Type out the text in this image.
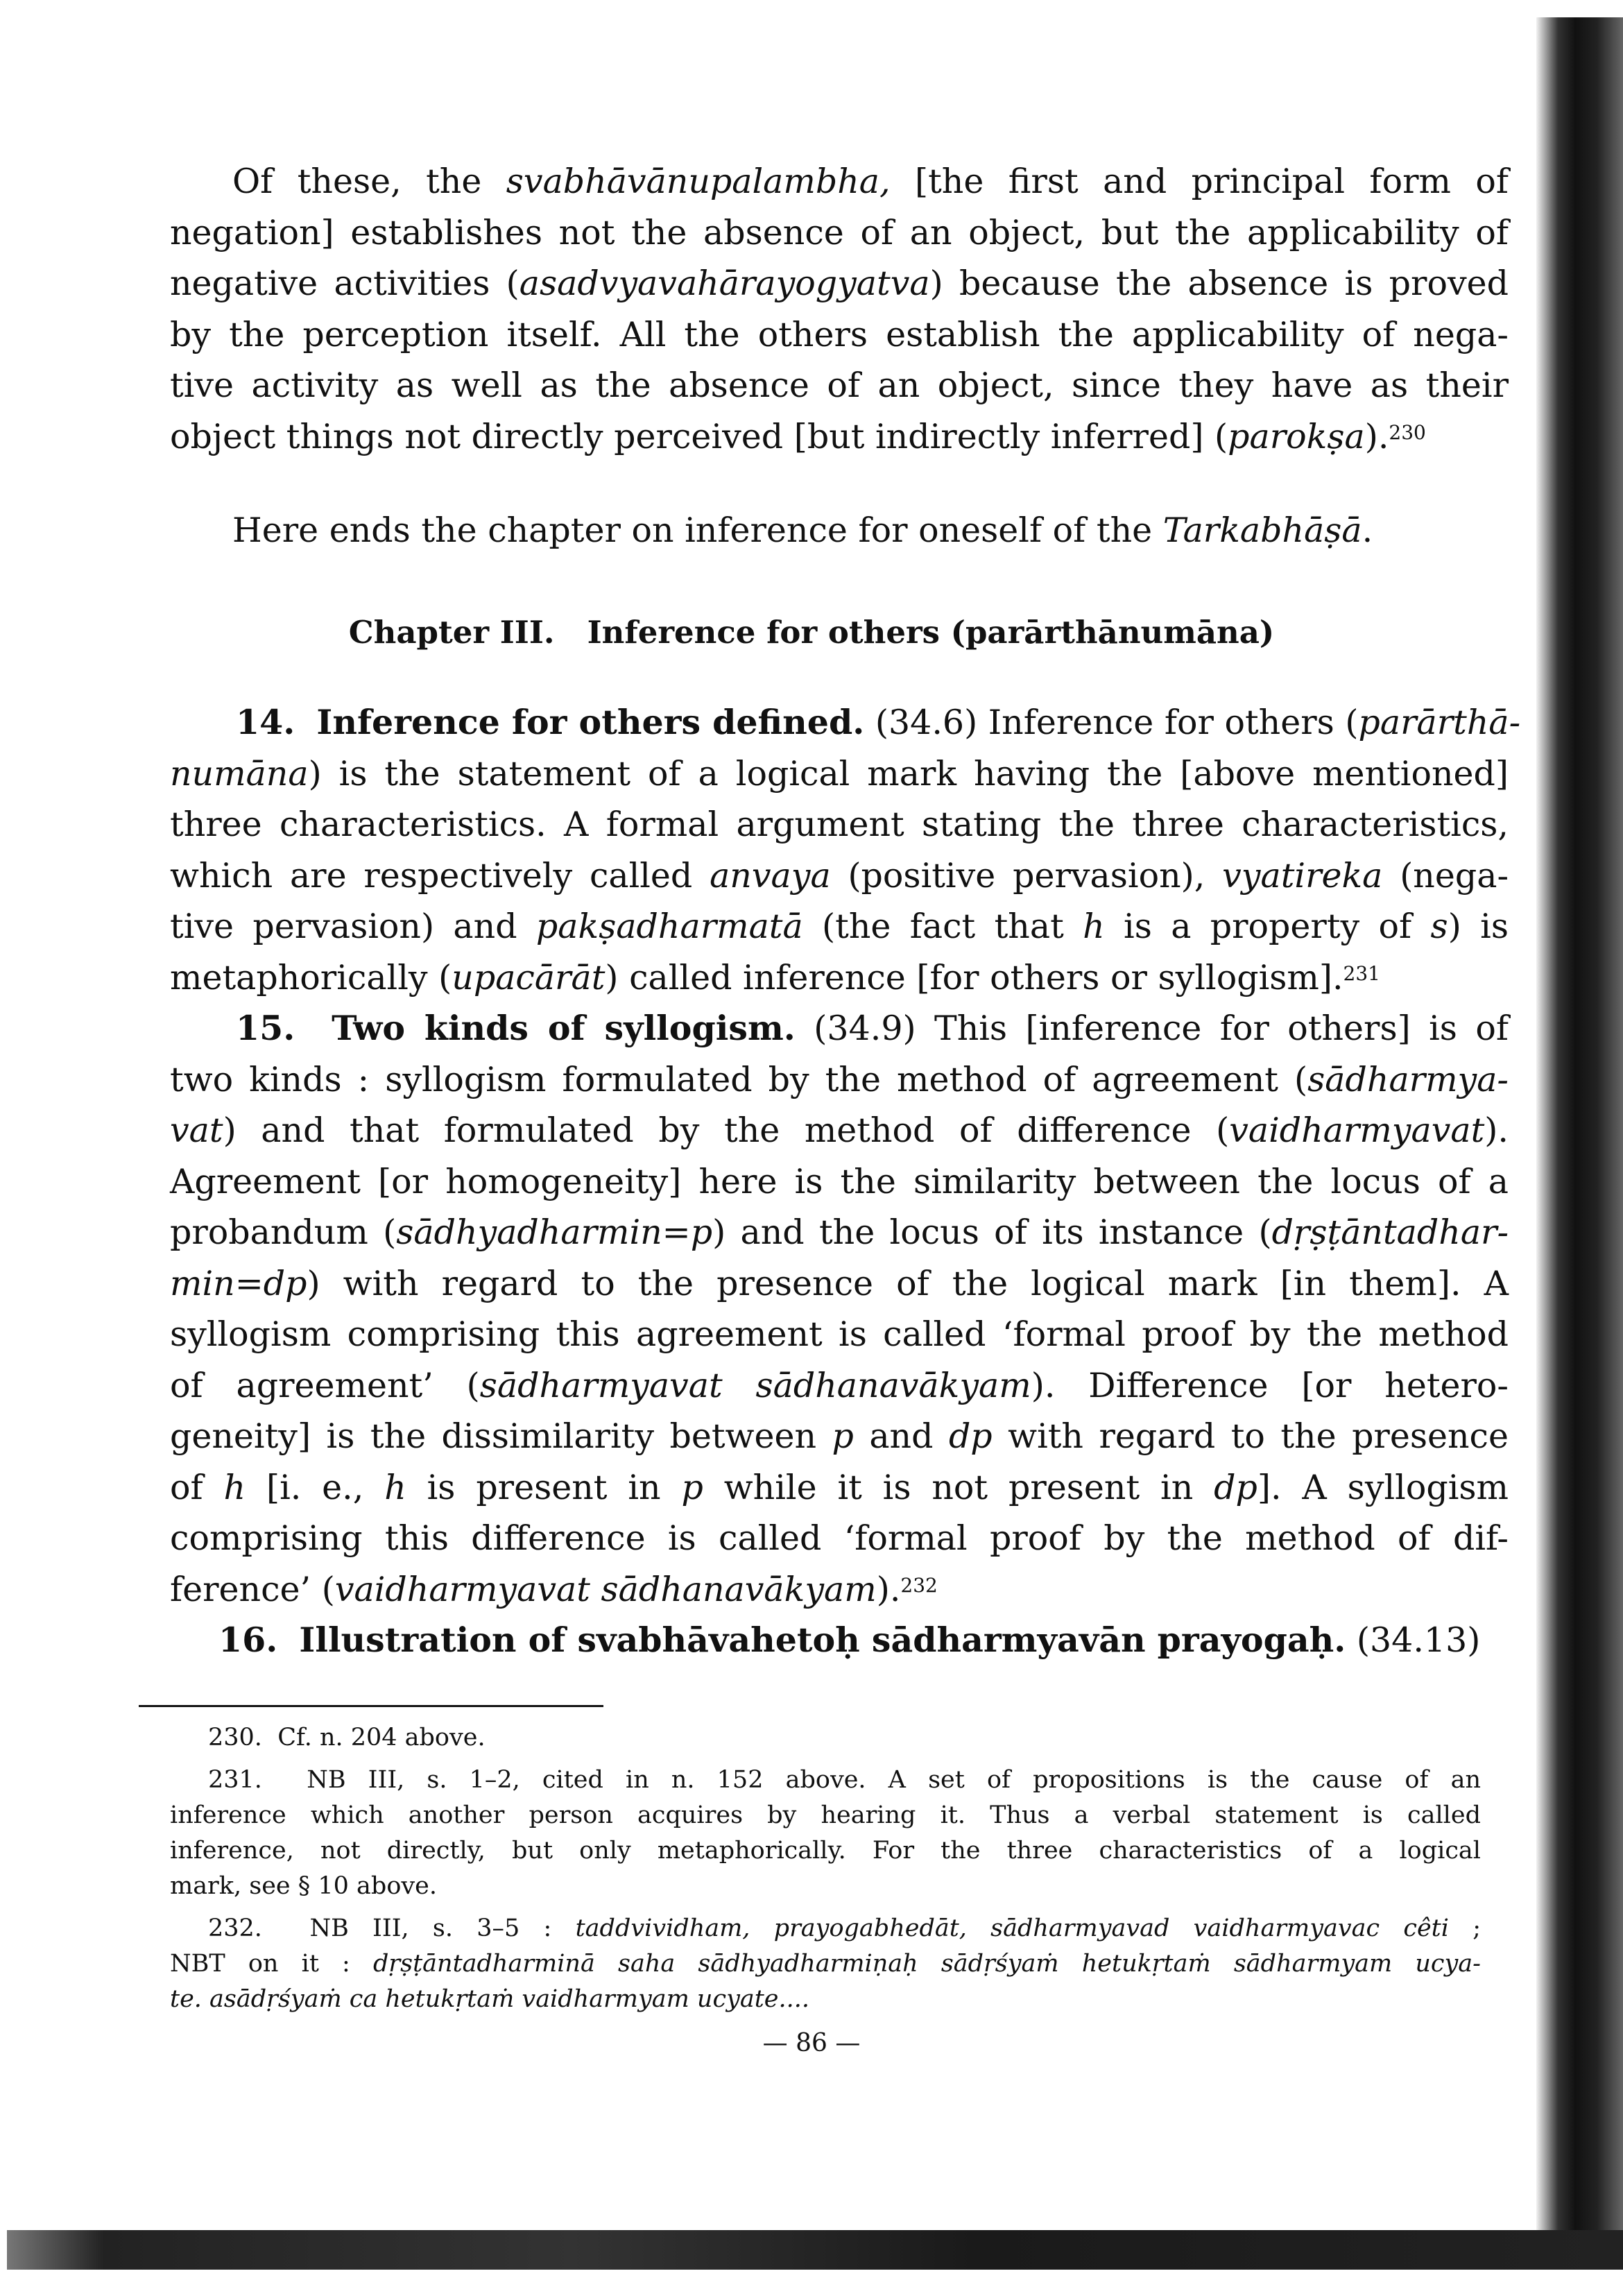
Of these, the svabhāvānupalambha, [the first and principal form of
negation] establishes not the absence of an object, but the applicability of
negative activities (asadvyavahārayogyatva) because the absence is proved
by the perception itself. All the others establish the applicability of nega-
tive activity as well as the absence of an object, since they have as their
object things not directly perceived [but indirectly inferred] (parokṣa).$^{230}$
Here ends the chapter on inference for oneself of the Tarkabhāṣā.
Chapter III. Inference for others (parārthānumāna)
14. Inference for others defined. (34.6) Inference for others (parārthā-
numāna) is the statement of a logical mark having the [above mentioned]
three characteristics. A formal argument stating the three characteristics,
which are respectively called anvaya (positive pervasion), vyatireka (nega-
tive pervasion) and pakṣadharmatā (the fact that h is a property of s) is
metaphorically (upacārāt) called inference [for others or syllogism].$^{231}$
15. Two kinds of syllogism. (34.9) This [inference for others] is of
two kinds : syllogism formulated by the method of agreement (sādharmya-
vat) and that formulated by the method of difference (vaidharmyavat).
Agreement [or homogeneity] here is the similarity between the locus of a
probandum (sādhyadharmin=p) and the locus of its instance (dṛṣṭāntadhar-
min=dp) with regard to the presence of the logical mark [in them]. A
syllogism comprising this agreement is called ‘formal proof by the method
of agreement’ (sādharmyavat sādhanavākyam). Difference [or hetero-
geneity] is the dissimilarity between p and dp with regard to the presence
of h [i. e., h is present in p while it is not present in dp]. A syllogism
comprising this difference is called ‘formal proof by the method of dif-
ference’ (vaidharmyavat sādhanavākyam).$^{232}$
16. Illustration of svabhāvahetoḥ sādharmyavān prayogaḥ. (34.13)
230. Cf. n. 204 above.
231. NB III, s. 1–2, cited in n. 152 above. A set of propositions is the cause of an
inference which another person acquires by hearing it. Thus a verbal statement is called
inference, not directly, but only metaphorically. For the three characteristics of a logical
mark, see § 10 above.
232. NB III, s. 3–5 : taddvividham, prayogabhedāt, sādharmyavad vaidharmyavac cêti ;
NBT on it : dṛṣṭāntadharminā saha sādhyadharmiṇaḥ sādṛśyaṁ hetukṛtaṁ sādharmyam ucya-
te. asādṛśyaṁ ca hetukṛtaṁ vaidharmyam ucyate....
— 86 —
